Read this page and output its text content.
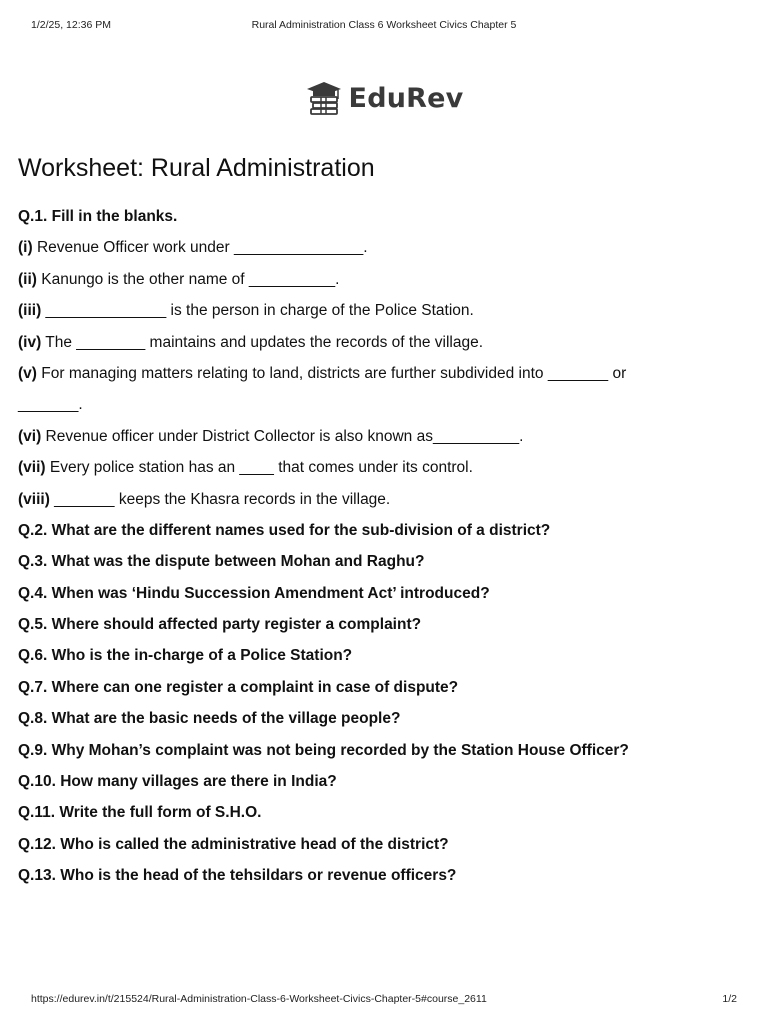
1/2/25, 12:36 PM	Rural Administration Class 6 Worksheet Civics Chapter 5
EduRev
Worksheet: Rural Administration
Q.1. Fill in the blanks.
(i) Revenue Officer work under _______________.
(ii) Kanungo is the other name of __________.
(iii) ______________ is the person in charge of the Police Station.
(iv) The ________ maintains and updates the records of the village.
(v) For managing matters relating to land, districts are further subdivided into _______ or
_______.
(vi) Revenue officer under District Collector is also known as__________.
(vii) Every police station has an ____ that comes under its control.
(viii) _______ keeps the Khasra records in the village.
Q.2. What are the different names used for the sub-division of a district?
Q.3. What was the dispute between Mohan and Raghu?
Q.4. When was ‘Hindu Succession Amendment Act’ introduced?
Q.5. Where should affected party register a complaint?
Q.6. Who is the in-charge of a Police Station?
Q.7. Where can one register a complaint in case of dispute?
Q.8. What are the basic needs of the village people?
Q.9. Why Mohan’s complaint was not being recorded by the Station House Officer?
Q.10. How many villages are there in India?
Q.11. Write the full form of S.H.O.
Q.12. Who is called the administrative head of the district?
Q.13. Who is the head of the tehsildars or revenue officers?
https://edurev.in/t/215524/Rural-Administration-Class-6-Worksheet-Civics-Chapter-5#course_2611	1/2
